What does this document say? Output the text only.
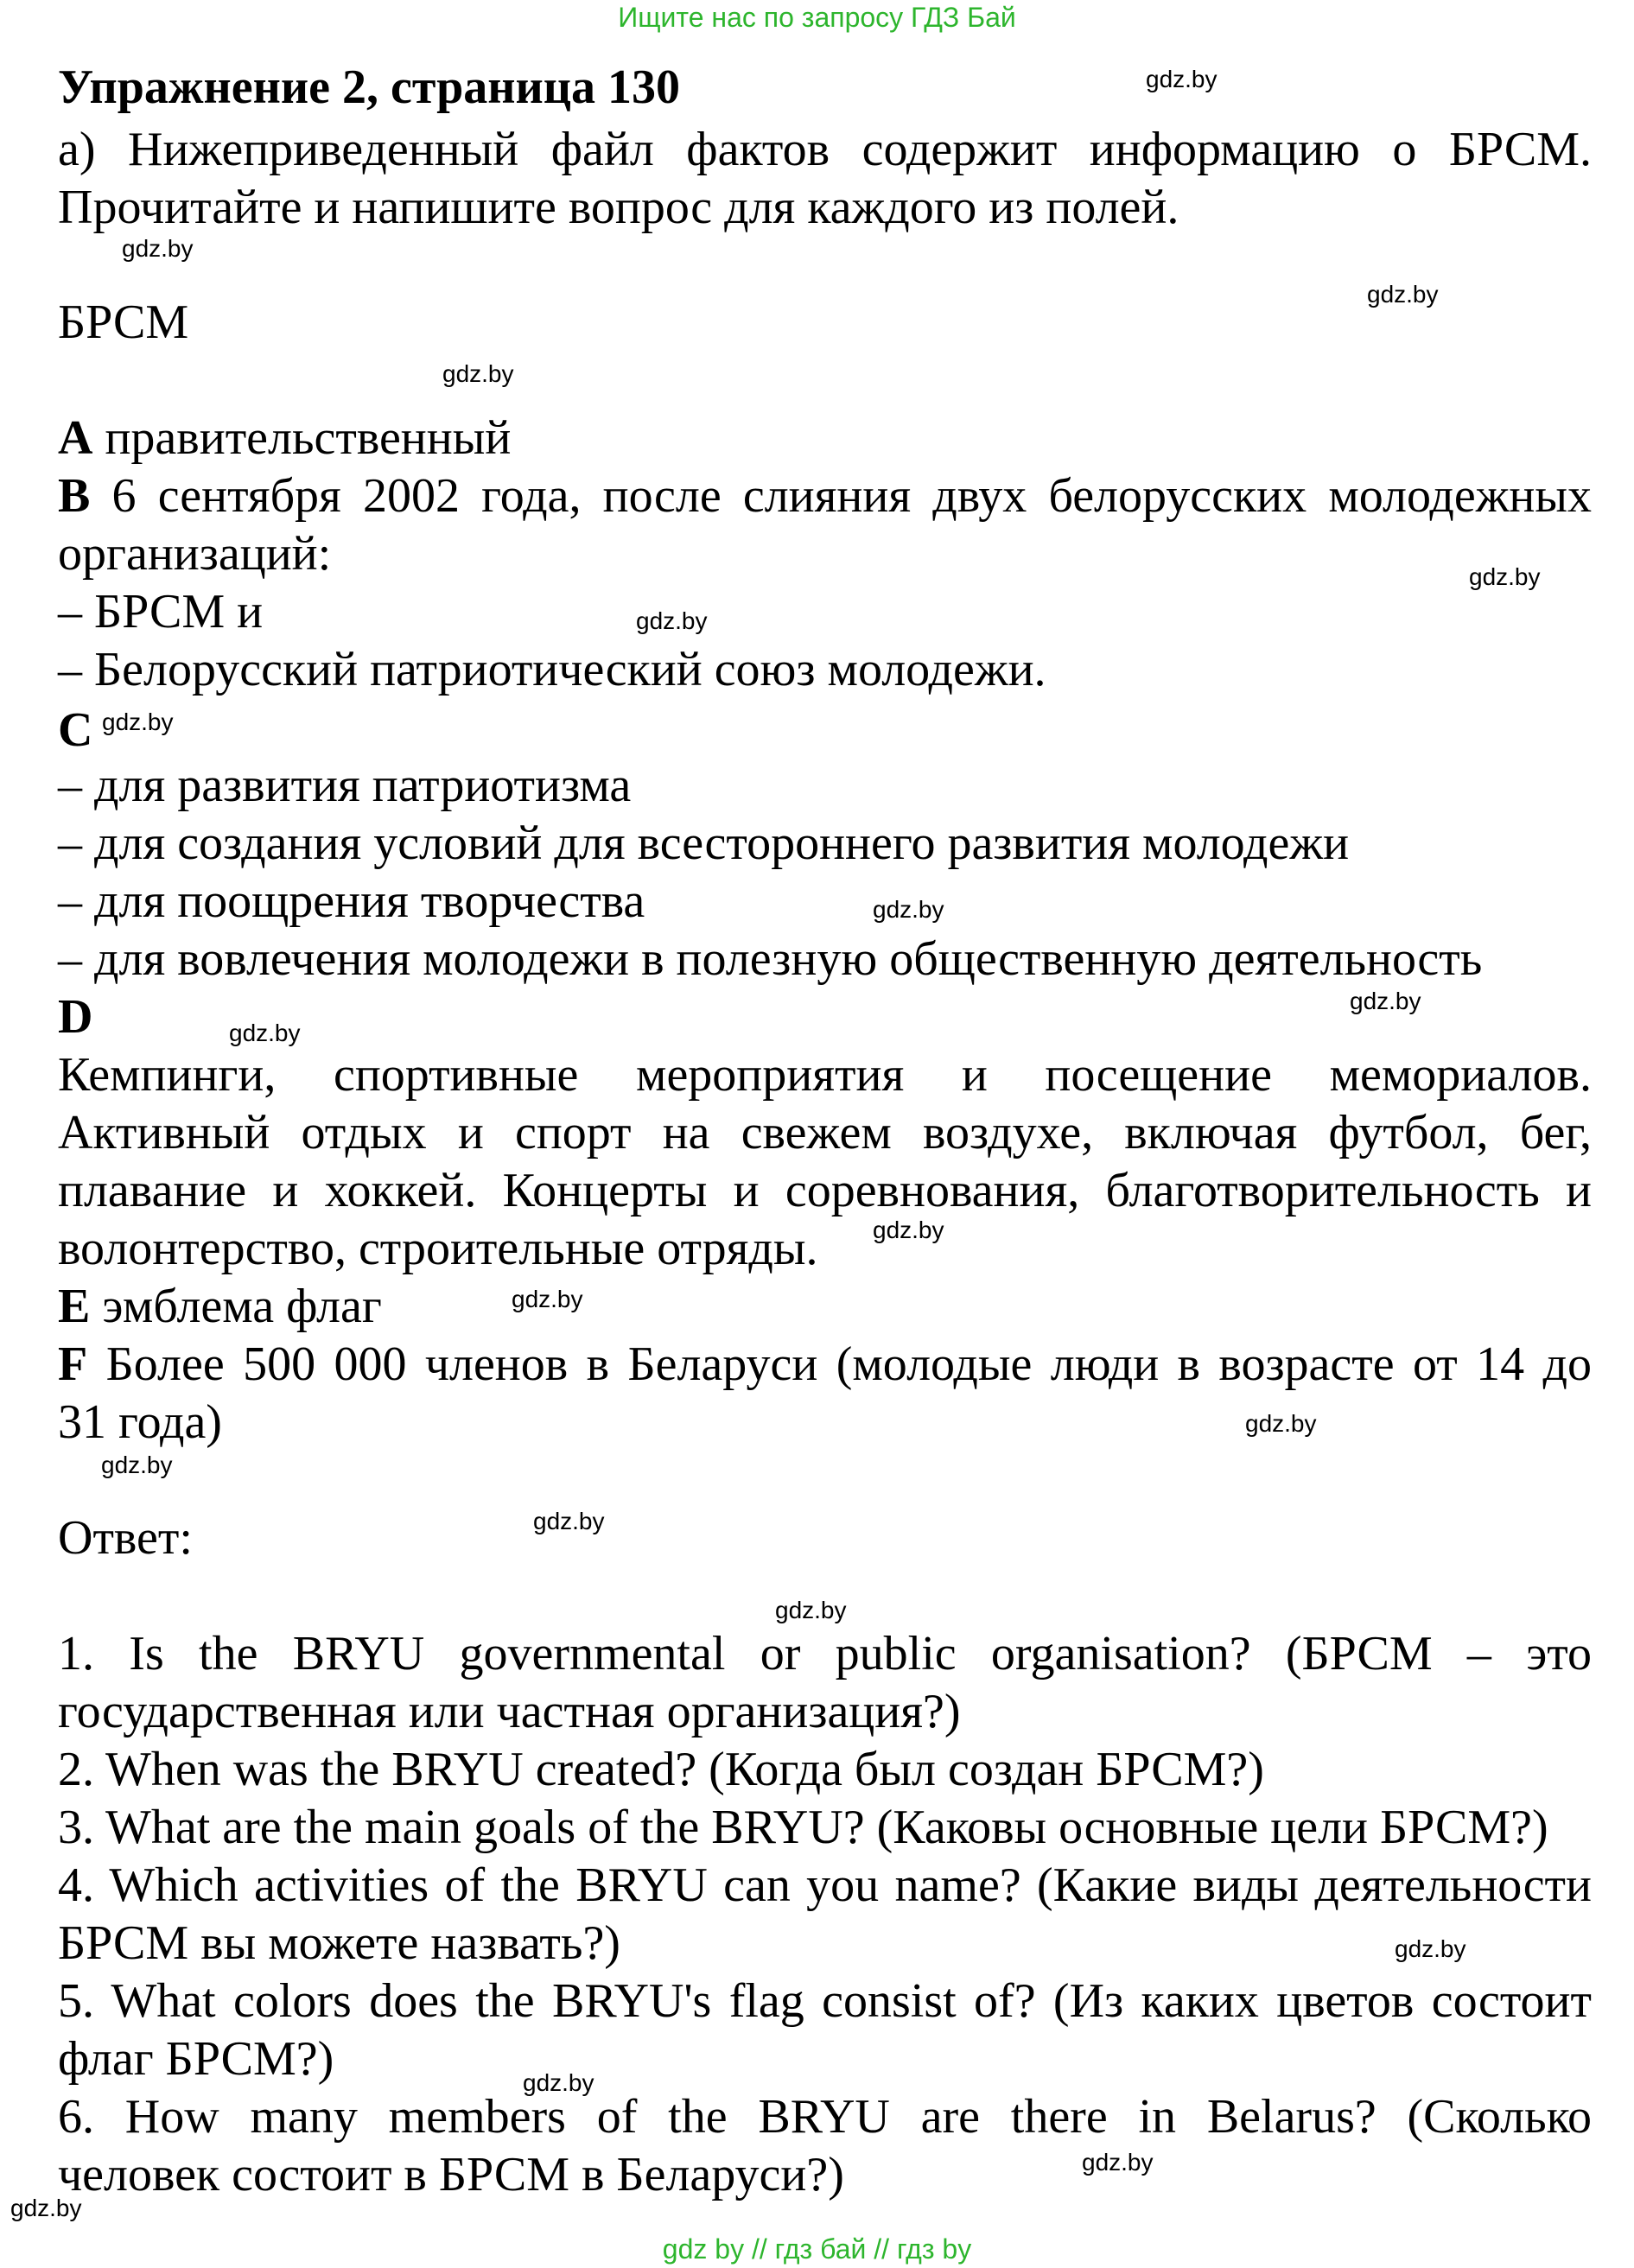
Ищите нас по запросу ГДЗ Бай
Упражнение 2, страница 130
а) Нижеприведенный файл фактов содержит информацию о БРСМ.
Прочитайте и напишите вопрос для каждого из полей.
БРСМ
A правительственный
B 6 сентября 2002 года, после слияния двух белорусских молодежных
организаций:
– БРСМ и
– Белорусский патриотический союз молодежи.
C
– для развития патриотизма
– для создания условий для всестороннего развития молодежи
– для поощрения творчества
– для вовлечения молодежи в полезную общественную деятельность
D
Кемпинги, спортивные мероприятия и посещение мемориалов.
Активный отдых и спорт на свежем воздухе, включая футбол, бег,
плавание и хоккей. Концерты и соревнования, благотворительность и
волонтерство, строительные отряды.
E эмблема флаг
F Более 500 000 членов в Беларуси (молодые люди в возрасте от 14 до
31 года)
Ответ:
1. Is the BRYU governmental or public organisation? (БРСМ – это
государственная или частная организация?)
2. When was the BRYU created? (Когда был создан БРСМ?)
3. What are the main goals of the BRYU? (Каковы основные цели БРСМ?)
4. Which activities of the BRYU can you name? (Какие виды деятельности
БРСМ вы можете назвать?)
5. What colors does the BRYU's flag consist of? (Из каких цветов состоит
флаг БРСМ?)
6. How many members of the BRYU are there in Belarus? (Сколько
человек состоит в БРСМ в Беларуси?)
gdz.by
gdz.by
gdz.by
gdz.by
gdz.by
gdz.by
gdz.by
gdz.by
gdz.by
gdz.by
gdz.by
gdz.by
gdz.by
gdz.by
gdz.by
gdz.by
gdz.by
gdz.by
gdz.by
gdz.by
gdz by // гдз бай // гдз by
